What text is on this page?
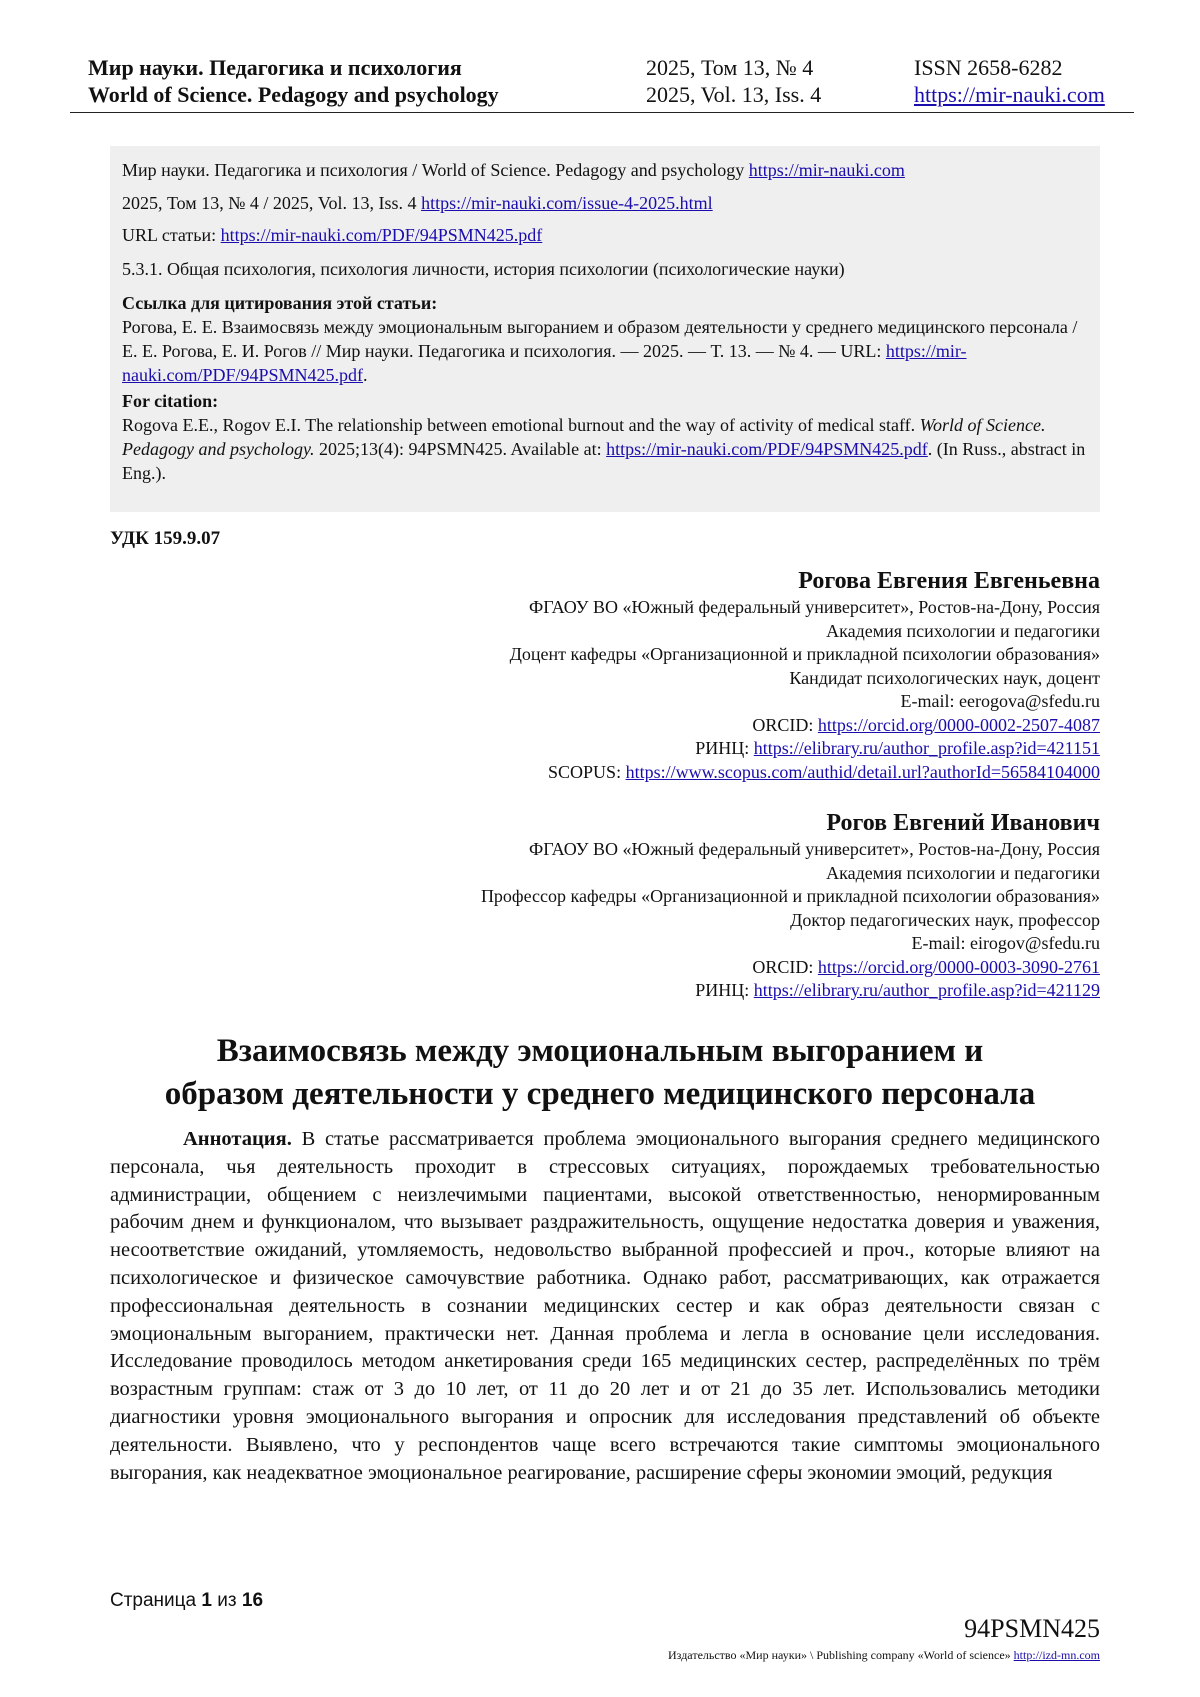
Мир науки. Педагогика и психология	2025, Том 13, № 4	ISSN 2658-6282
World of Science. Pedagogy and psychology	2025, Vol. 13, Iss. 4	https://mir-nauki.com
Мир науки. Педагогика и психология / World of Science. Pedagogy and psychology https://mir-nauki.com
2025, Том 13, № 4 / 2025, Vol. 13, Iss. 4 https://mir-nauki.com/issue-4-2025.html
URL статьи: https://mir-nauki.com/PDF/94PSMN425.pdf
5.3.1. Общая психология, психология личности, история психологии (психологические науки)
Ссылка для цитирования этой статьи:
Рогова, Е. Е. Взаимосвязь между эмоциональным выгоранием и образом деятельности у среднего медицинского персонала / Е. Е. Рогова, Е. И. Рогов // Мир науки. Педагогика и психология. — 2025. — Т. 13. — № 4. — URL: https://mir-nauki.com/PDF/94PSMN425.pdf.
For citation:
Rogova E.E., Rogov E.I. The relationship between emotional burnout and the way of activity of medical staff. World of Science. Pedagogy and psychology. 2025;13(4): 94PSMN425. Available at: https://mir-nauki.com/PDF/94PSMN425.pdf. (In Russ., abstract in Eng.).
УДК 159.9.07
Рогова Евгения Евгеньевна
ФГАОУ ВО «Южный федеральный университет», Ростов-на-Дону, Россия
Академия психологии и педагогики
Доцент кафедры «Организационной и прикладной психологии образования»
Кандидат психологических наук, доцент
E-mail: eerogova@sfedu.ru
ORCID: https://orcid.org/0000-0002-2507-4087
РИНЦ: https://elibrary.ru/author_profile.asp?id=421151
SCOPUS: https://www.scopus.com/authid/detail.url?authorId=56584104000
Рогов Евгений Иванович
ФГАОУ ВО «Южный федеральный университет», Ростов-на-Дону, Россия
Академия психологии и педагогики
Профессор кафедры «Организационной и прикладной психологии образования»
Доктор педагогических наук, профессор
E-mail: eirogov@sfedu.ru
ORCID: https://orcid.org/0000-0003-3090-2761
РИНЦ: https://elibrary.ru/author_profile.asp?id=421129
Взаимосвязь между эмоциональным выгоранием и
образом деятельности у среднего медицинского персонала
Аннотация. В статье рассматривается проблема эмоционального выгорания среднего медицинского персонала, чья деятельность проходит в стрессовых ситуациях, порождаемых требовательностью администрации, общением с неизлечимыми пациентами, высокой ответственностью, ненормированным рабочим днем и функционалом, что вызывает раздражительность, ощущение недостатка доверия и уважения, несоответствие ожиданий, утомляемость, недовольство выбранной профессией и проч., которые влияют на психологическое и физическое самочувствие работника. Однако работ, рассматривающих, как отражается профессиональная деятельность в сознании медицинских сестер и как образ деятельности связан с эмоциональным выгоранием, практически нет. Данная проблема и легла в основание цели исследования. Исследование проводилось методом анкетирования среди 165 медицинских сестер, распределённых по трём возрастным группам: стаж от 3 до 10 лет, от 11 до 20 лет и от 21 до 35 лет. Использовались методики диагностики уровня эмоционального выгорания и опросник для исследования представлений об объекте деятельности. Выявлено, что у респондентов чаще всего встречаются такие симптомы эмоционального выгорания, как неадекватное эмоциональное реагирование, расширение сферы экономии эмоций, редукция
Страница 1 из 16
94PSMN425
Издательство «Мир науки» \ Publishing company «World of science» http://izd-mn.com
